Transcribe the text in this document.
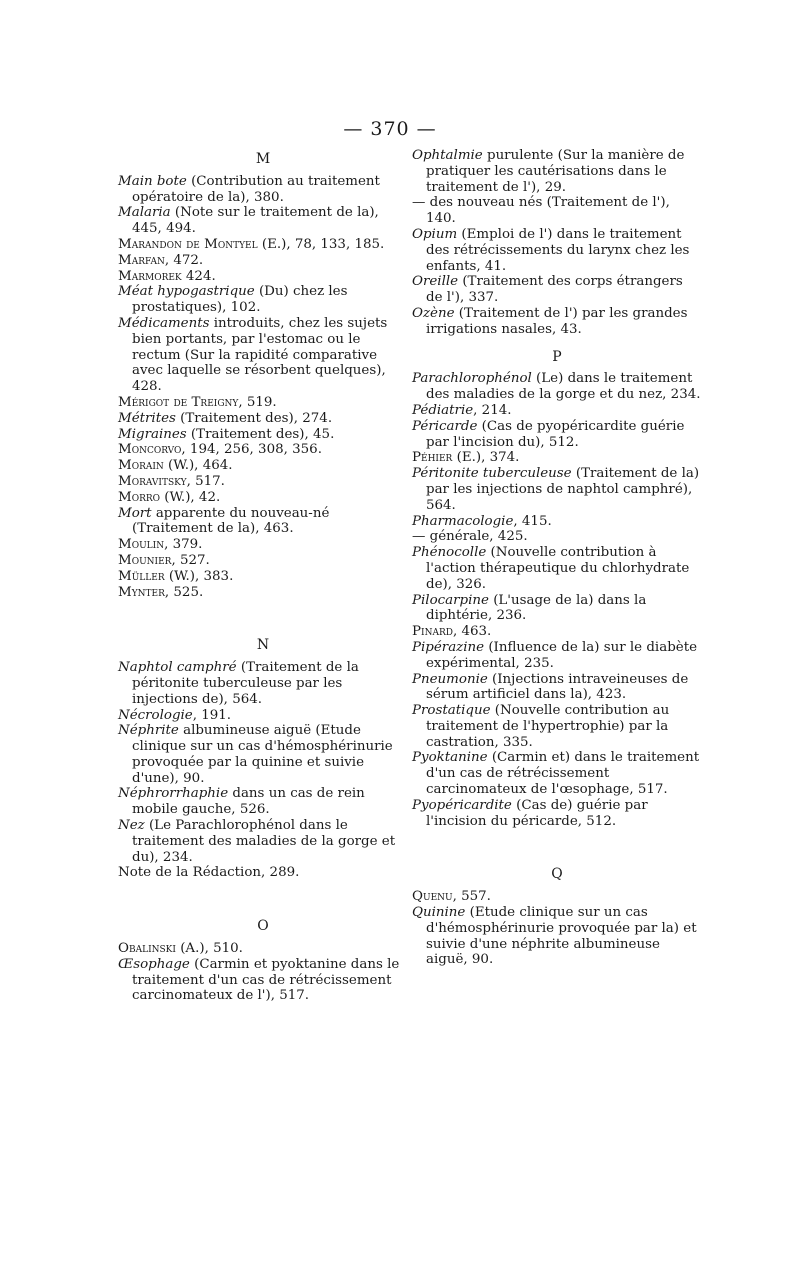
— 370 —
M

Main bote (Contribution au traitement opératoire de la), 380.

Malaria (Note sur le traitement de la), 445, 494.

Marandon de Montyel (E.), 78, 133, 185.

Marfan, 472.

Marmorek 424.

Méat hypogastrique (Du) chez les prostatiques), 102.

Médicaments introduits, chez les sujets bien portants, par l'estomac ou le rectum (Sur la rapidité comparative avec laquelle se résorbent quelques), 428.

Mérigot de Treigny, 519.

Métrites (Traitement des), 274.

Migraines (Traitement des), 45.

Moncorvo, 194, 256, 308, 356.

Morain (W.), 464.

Moravitsky, 517.

Morro (W.), 42.

Mort apparente du nouveau-né (Traitement de la), 463.

Moulin, 379.

Mounier, 527.

Müller (W.), 383.

Mynter, 525.

N

Naphtol camphré (Traitement de la péritonite tuberculeuse par les injections de), 564.

Nécrologie, 191.

Néphrite albumineuse aiguë (Etude clinique sur un cas d'hémosphérinurie provoquée par la quinine et suivie d'une), 90.

Néphrorrhaphie dans un cas de rein mobile gauche, 526.

Nez (Le Parachlorophénol dans le traitement des maladies de la gorge et du), 234.

Note de la Rédaction, 289.

O

Obalinski (A.), 510.

Œsophage (Carmin et pyoktanine dans le traitement d'un cas de rétrécissement carcinomateux de l'), 517.

Ophtalmie purulente (Sur la manière de pratiquer les cautérisations dans le traitement de l'), 29.

— des nouveau nés (Traitement de l'), 140.

Opium (Emploi de l') dans le traitement des rétrécissements du larynx chez les enfants, 41.

Oreille (Traitement des corps étrangers de l'), 337.

Ozène (Traitement de l') par les grandes irrigations nasales, 43.

P

Parachlorophénol (Le) dans le traitement des maladies de la gorge et du nez, 234.

Pédiatrie, 214.

Péricarde (Cas de pyopéricardite guérie par l'incision du), 512.

Péhier (E.), 374.

Péritonite tuberculeuse (Traitement de la) par les injections de naphtol camphré), 564.

Pharmacologie, 415.

— générale, 425.

Phénocolle (Nouvelle contribution à l'action thérapeutique du chlorhydrate de), 326.

Pilocarpine (L'usage de la) dans la diphtérie, 236.

Pinard, 463.

Pipérazine (Influence de la) sur le diabète expérimental, 235.

Pneumonie (Injections intraveineuses de sérum artificiel dans la), 423.

Prostatique (Nouvelle contribution au traitement de l'hypertrophie) par la castration, 335.

Pyoktanine (Carmin et) dans le traitement d'un cas de rétrécissement carcinomateux de l'œsophage, 517.

Pyopéricardite (Cas de) guérie par l'incision du péricarde, 512.

Q

Quenu, 557.

Quinine (Etude clinique sur un cas d'hémosphérinurie provoquée par la) et suivie d'une néphrite albumineuse aiguë, 90.
